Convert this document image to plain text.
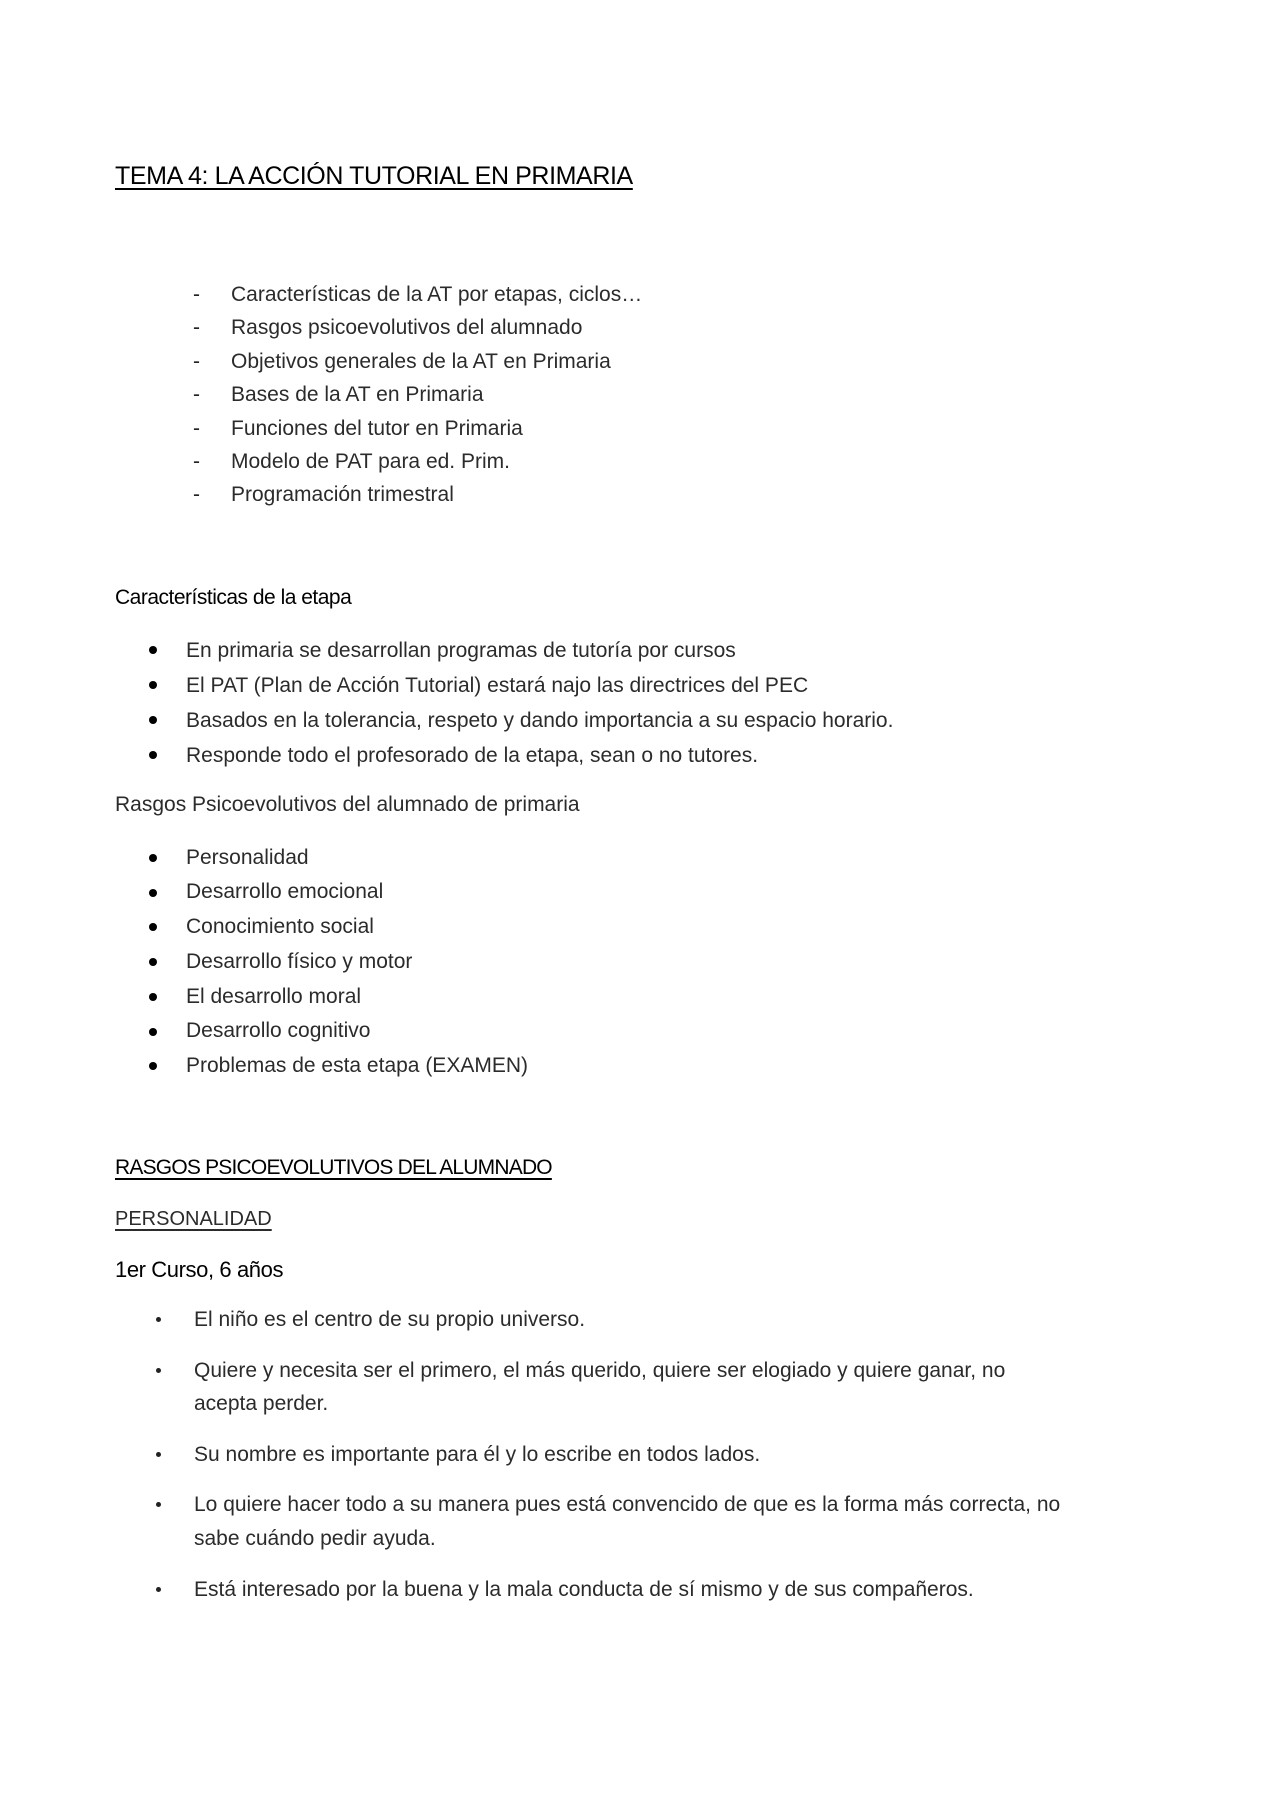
TEMA 4: LA ACCIÓN TUTORIAL EN PRIMARIA
- Características de la AT por etapas, ciclos…
- Rasgos psicoevolutivos del alumnado
- Objetivos generales de la AT en Primaria
- Bases de la AT en Primaria
- Funciones del tutor en Primaria
- Modelo de PAT para ed. Prim.
- Programación trimestral
Características de la etapa
En primaria se desarrollan programas de tutoría por cursos
El PAT (Plan de Acción Tutorial) estará najo las directrices del PEC
Basados en la tolerancia, respeto y dando importancia a su espacio horario.
Responde todo el profesorado de la etapa, sean o no tutores.
Rasgos Psicoevolutivos del alumnado de primaria
Personalidad
Desarrollo emocional
Conocimiento social
Desarrollo físico y motor
El desarrollo moral
Desarrollo cognitivo
Problemas de esta etapa (EXAMEN)
RASGOS PSICOEVOLUTIVOS DEL ALUMNADO
PERSONALIDAD
1er Curso, 6 años
El niño es el centro de su propio universo.
Quiere y necesita ser el primero, el más querido, quiere ser elogiado y quiere ganar, no
acepta perder.
Su nombre es importante para él y lo escribe en todos lados.
Lo quiere hacer todo a su manera pues está convencido de que es la forma más correcta, no
sabe cuándo pedir ayuda.
Está interesado por la buena y la mala conducta de sí mismo y de sus compañeros.
